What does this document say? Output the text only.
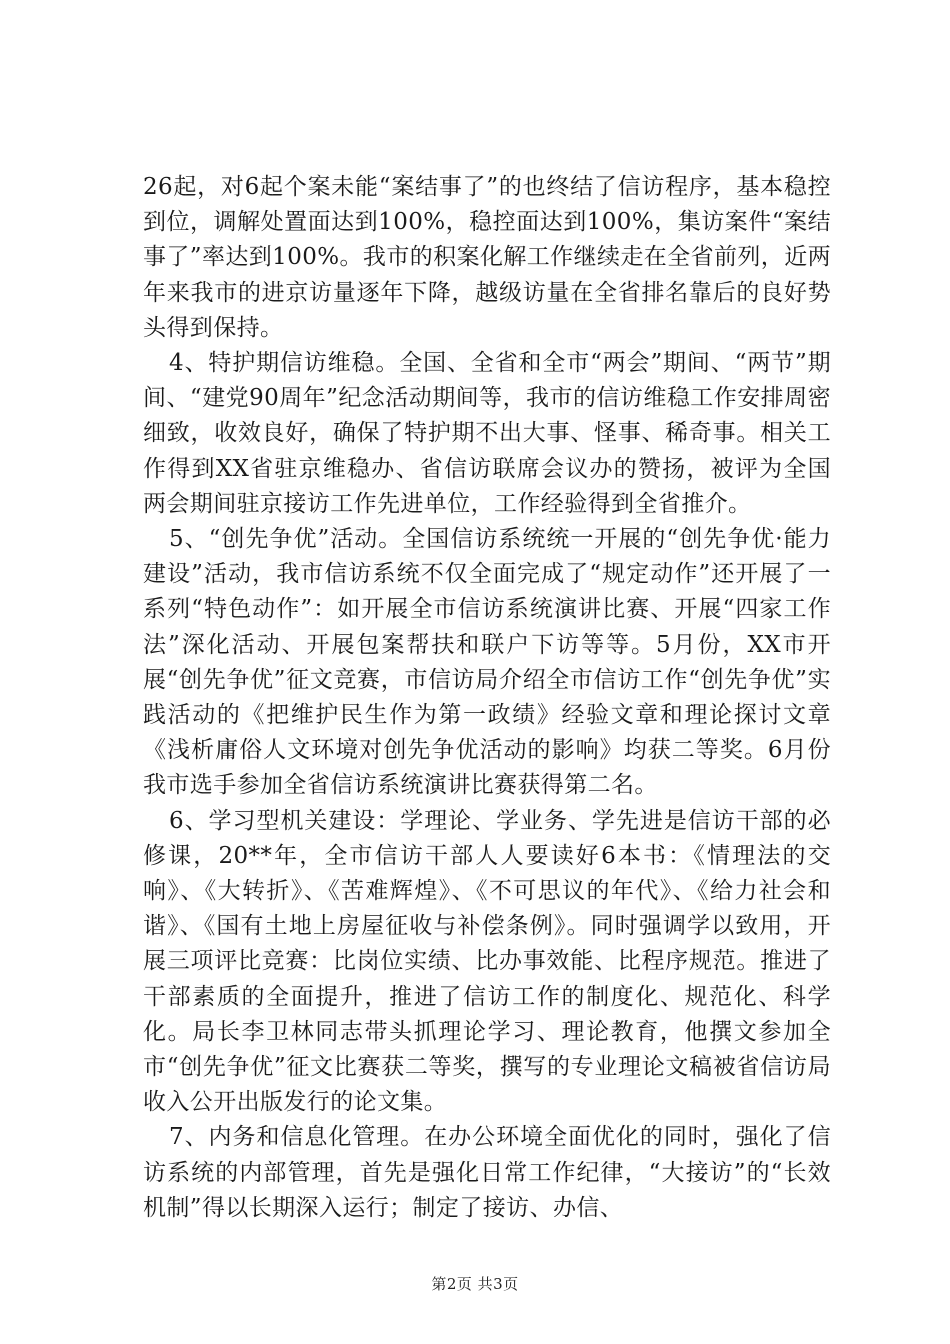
26起，对6起个案未能“案结事了”的也终结了信访程序，基本稳控到位，调解处置面达到100%，稳控面达到100%，集访案件“案结事了”率达到100%。我市的积案化解工作继续走在全省前列，近两年来我市的进京访量逐年下降，越级访量在全省排名靠后的良好势头得到保持。

4、特护期信访维稳。全国、全省和全市“两会”期间、“两节”期间、“建党90周年”纪念活动期间等，我市的信访维稳工作安排周密细致，收效良好，确保了特护期不出大事、怪事、稀奇事。相关工作得到XX省驻京维稳办、省信访联席会议办的赞扬，被评为全国两会期间驻京接访工作先进单位，工作经验得到全省推介。

5、“创先争优”活动。全国信访系统统一开展的“创先争优·能力建设”活动，我市信访系统不仅全面完成了“规定动作”还开展了一系列“特色动作”：如开展全市信访系统演讲比赛、开展“四家工作法”深化活动、开展包案帮扶和联户下访等等。5月份，XX市开展“创先争优”征文竞赛，市信访局介绍全市信访工作“创先争优”实践活动的《把维护民生作为第一政绩》经验文章和理论探讨文章《浅析庸俗人文环境对创先争优活动的影响》均获二等奖。6月份我市选手参加全省信访系统演讲比赛获得第二名。

6、学习型机关建设：学理论、学业务、学先进是信访干部的必修课，20**年，全市信访干部人人要读好6本书：《情理法的交响》、《大转折》、《苦难辉煌》、《不可思议的年代》、《给力社会和谐》、《国有土地上房屋征收与补偿条例》。同时强调学以致用，开展三项评比竞赛：比岗位实绩、比办事效能、比程序规范。推进了干部素质的全面提升，推进了信访工作的制度化、规范化、科学化。局长李卫林同志带头抓理论学习、理论教育，他撰文参加全市“创先争优”征文比赛获二等奖，撰写的专业理论文稿被省信访局收入公开出版发行的论文集。

7、内务和信息化管理。在办公环境全面优化的同时，强化了信访系统的内部管理，首先是强化日常工作纪律，“大接访”的“长效机制”得以长期深入运行；制定了接访、办信、

第2页 共3页
